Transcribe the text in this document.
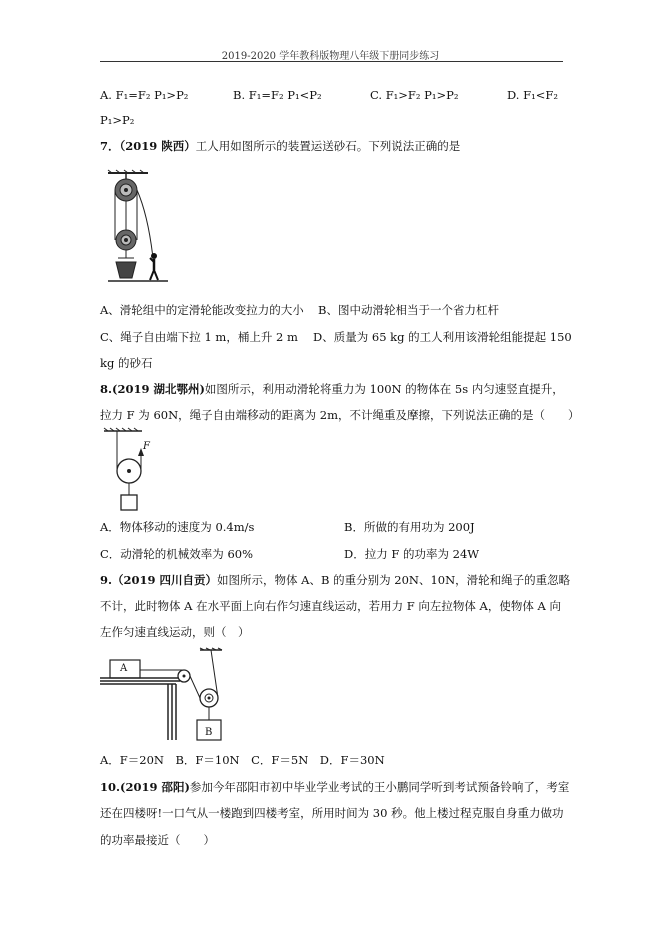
2019-2020 学年教科版物理八年级下册同步练习
A. F₁=F₂ P₁>P₂	B. F₁=F₂ P₁<P₂	C. F₁>F₂ P₁>P₂	D. F₁<F₂
P₁>P₂
7．（2019 陕西）工人用如图所示的装置运送砂石。下列说法正确的是
A、滑轮组中的定滑轮能改变拉力的大小 B、图中动滑轮相当于一个省力杠杆
C、绳子自由端下拉 1 m，桶上升 2 m D、质量为 65 kg 的工人利用该滑轮组能提起 150
kg 的砂石
8.(2019 湖北鄂州)如图所示，利用动滑轮将重力为 100N 的物体在 5s 内匀速竖直提升，
拉力 F 为 60N，绳子自由端移动的距离为 2m，不计绳重及摩擦，下列说法正确的是（　　）
F
A．物体移动的速度为 0.4m/s	B．所做的有用功为 200J
C．动滑轮的机械效率为 60%	D．拉力 F 的功率为 24W
9.（2019 四川自贡）如图所示，物体 A、B 的重分别为 20N、10N，滑轮和绳子的重忽略
不计，此时物体 A 在水平面上向右作匀速直线运动，若用力 F 向左拉物体 A，使物体 A 向
左作匀速直线运动，则（　）
A
B
A．F＝20N　B．F＝10N　C．F＝5N　D．F＝30N
10.(2019 邵阳)参加今年邵阳市初中毕业学业考试的王小鹏同学听到考试预备铃响了，考室
还在四楼呀!一口气从一楼跑到四楼考室，所用时间为 30 秒。他上楼过程克服自身重力做功
的功率最接近（　　）
